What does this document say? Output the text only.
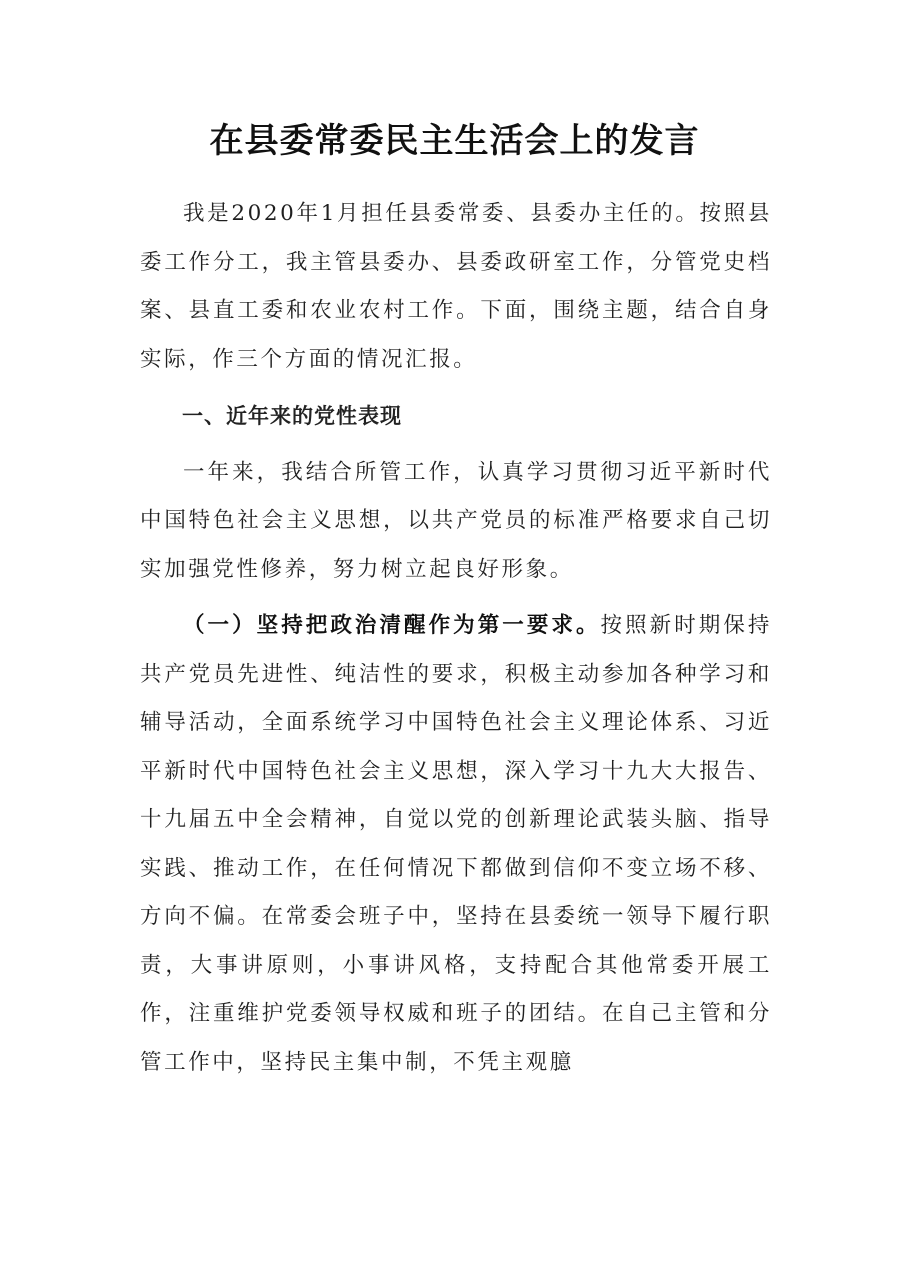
在县委常委民主生活会上的发言

我是2020年1月担任县委常委、县委办主任的。按照县委工作分工，我主管县委办、县委政研室工作，分管党史档案、县直工委和农业农村工作。下面，围绕主题，结合自身实际，作三个方面的情况汇报。

一、近年来的党性表现

一年来，我结合所管工作，认真学习贯彻习近平新时代中国特色社会主义思想，以共产党员的标准严格要求自己切实加强党性修养，努力树立起良好形象。

（一）坚持把政治清醒作为第一要求。按照新时期保持共产党员先进性、纯洁性的要求，积极主动参加各种学习和辅导活动，全面系统学习中国特色社会主义理论体系、习近平新时代中国特色社会主义思想，深入学习十九大大报告、十九届五中全会精神，自觉以党的创新理论武装头脑、指导实践、推动工作，在任何情况下都做到信仰不变立场不移、方向不偏。在常委会班子中，坚持在县委统一领导下履行职责，大事讲原则，小事讲风格，支持配合其他常委开展工作，注重维护党委领导权威和班子的团结。在自己主管和分管工作中，坚持民主集中制，不凭主观臆
